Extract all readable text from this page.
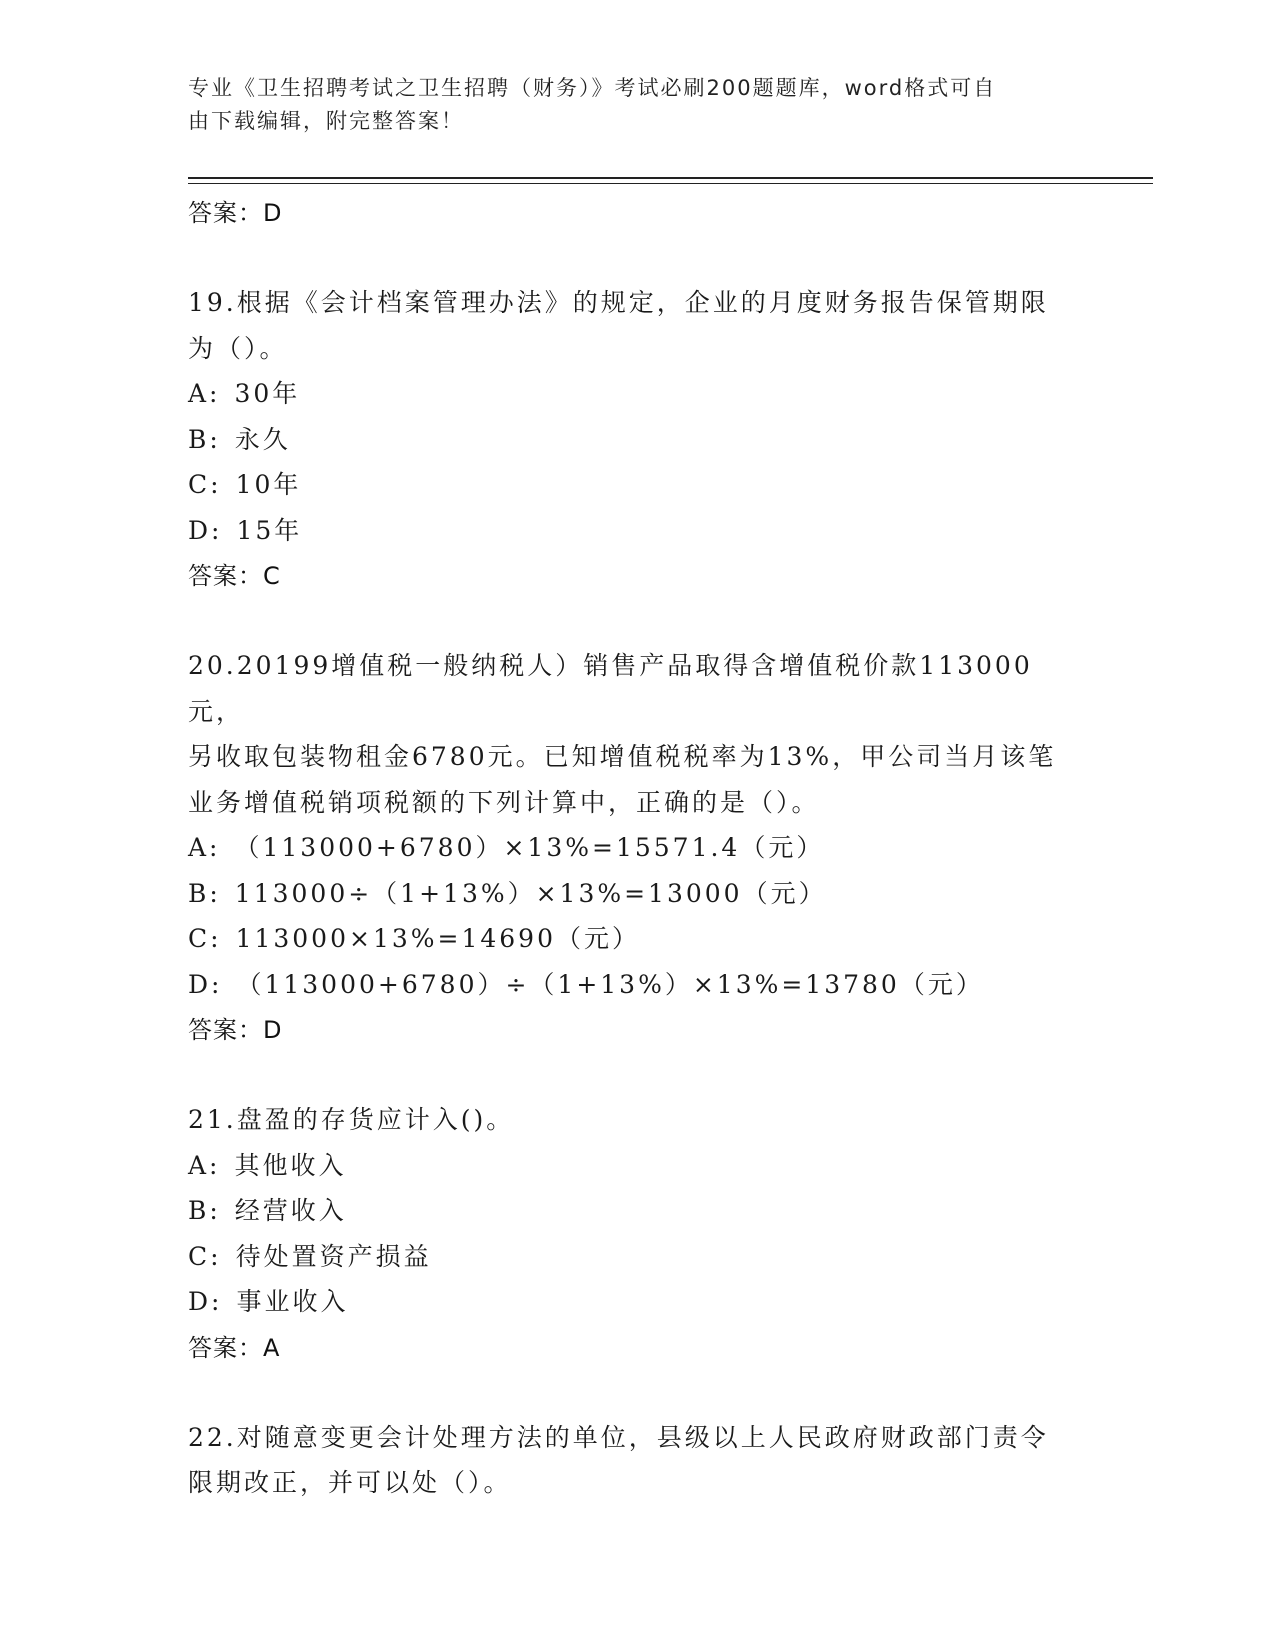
专业《卫生招聘考试之卫生招聘（财务）》考试必刷200题题库，word格式可自
由下载编辑，附完整答案！
答案：D
19.根据《会计档案管理办法》的规定，企业的月度财务报告保管期限
为（）。
A: 30年
B: 永久
C: 10年
D: 15年
答案：C
20.20199增值税一般纳税人）销售产品取得含增值税价款113000元，
另收取包装物租金6780元。已知增值税税率为13%，甲公司当月该笔
业务增值税销项税额的下列计算中，正确的是（）。
A: （113000+6780）×13%=15571.4（元）
B: 113000÷（1+13%）×13%=13000（元）
C: 113000×13%=14690（元）
D: （113000+6780）÷（1+13%）×13%=13780（元）
答案：D
21.盘盈的存货应计入()。
A: 其他收入
B: 经营收入
C: 待处置资产损益
D: 事业收入
答案：A
22.对随意变更会计处理方法的单位，县级以上人民政府财政部门责令
限期改正，并可以处（）。
